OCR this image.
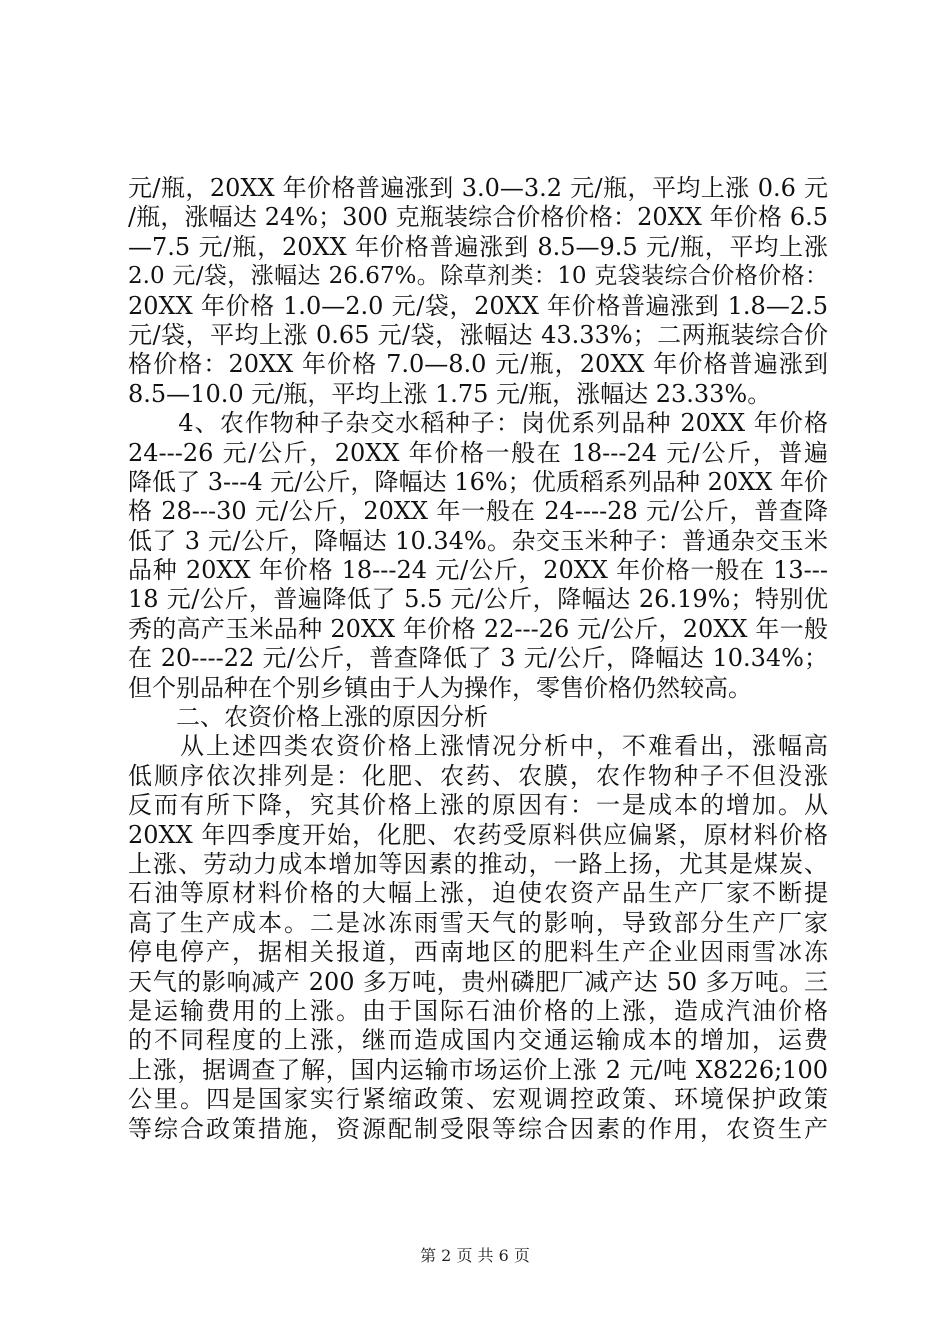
元/瓶，20XX 年价格普遍涨到 3.0—3.2 元/瓶，平均上涨 0.6 元
/瓶，涨幅达 24%；300 克瓶装综合价格价格：20XX 年价格 6.5
—7.5 元/瓶，20XX 年价格普遍涨到 8.5—9.5 元/瓶，平均上涨
2.0 元/袋，涨幅达 26.67%。除草剂类：10 克袋装综合价格价格：
20XX 年价格 1.0—2.0 元/袋，20XX 年价格普遍涨到 1.8—2.5
元/袋，平均上涨 0.65 元/袋，涨幅达 43.33%；二两瓶装综合价
格价格：20XX 年价格 7.0—8.0 元/瓶，20XX 年价格普遍涨到
8.5—10.0 元/瓶，平均上涨 1.75 元/瓶，涨幅达 23.33%。
　　4、农作物种子杂交水稻种子：岗优系列品种 20XX 年价格
24---26 元/公斤，20XX 年价格一般在 18---24 元/公斤，普遍
降低了 3---4 元/公斤，降幅达 16%；优质稻系列品种 20XX 年价
格 28---30 元/公斤，20XX 年一般在 24----28 元/公斤，普查降
低了 3 元/公斤，降幅达 10.34%。杂交玉米种子：普通杂交玉米
品种 20XX 年价格 18---24 元/公斤，20XX 年价格一般在 13---
18 元/公斤，普遍降低了 5.5 元/公斤，降幅达 26.19%；特别优
秀的高产玉米品种 20XX 年价格 22---26 元/公斤，20XX 年一般
在 20----22 元/公斤，普查降低了 3 元/公斤，降幅达 10.34%；
但个别品种在个别乡镇由于人为操作，零售价格仍然较高。
　　二、农资价格上涨的原因分析
　　从上述四类农资价格上涨情况分析中，不难看出，涨幅高
低顺序依次排列是：化肥、农药、农膜，农作物种子不但没涨
反而有所下降，究其价格上涨的原因有：一是成本的增加。从
20XX 年四季度开始，化肥、农药受原料供应偏紧，原材料价格
上涨、劳动力成本增加等因素的推动，一路上扬，尤其是煤炭、
石油等原材料价格的大幅上涨，迫使农资产品生产厂家不断提
高了生产成本。二是冰冻雨雪天气的影响，导致部分生产厂家
停电停产，据相关报道，西南地区的肥料生产企业因雨雪冰冻
天气的影响减产 200 多万吨，贵州磷肥厂减产达 50 多万吨。三
是运输费用的上涨。由于国际石油价格的上涨，造成汽油价格
的不同程度的上涨，继而造成国内交通运输成本的增加，运费
上涨，据调查了解，国内运输市场运价上涨 2 元/吨 X8226;100
公里。四是国家实行紧缩政策、宏观调控政策、环境保护政策
等综合政策措施，资源配制受限等综合因素的作用，农资生产
第 2 页 共 6 页
